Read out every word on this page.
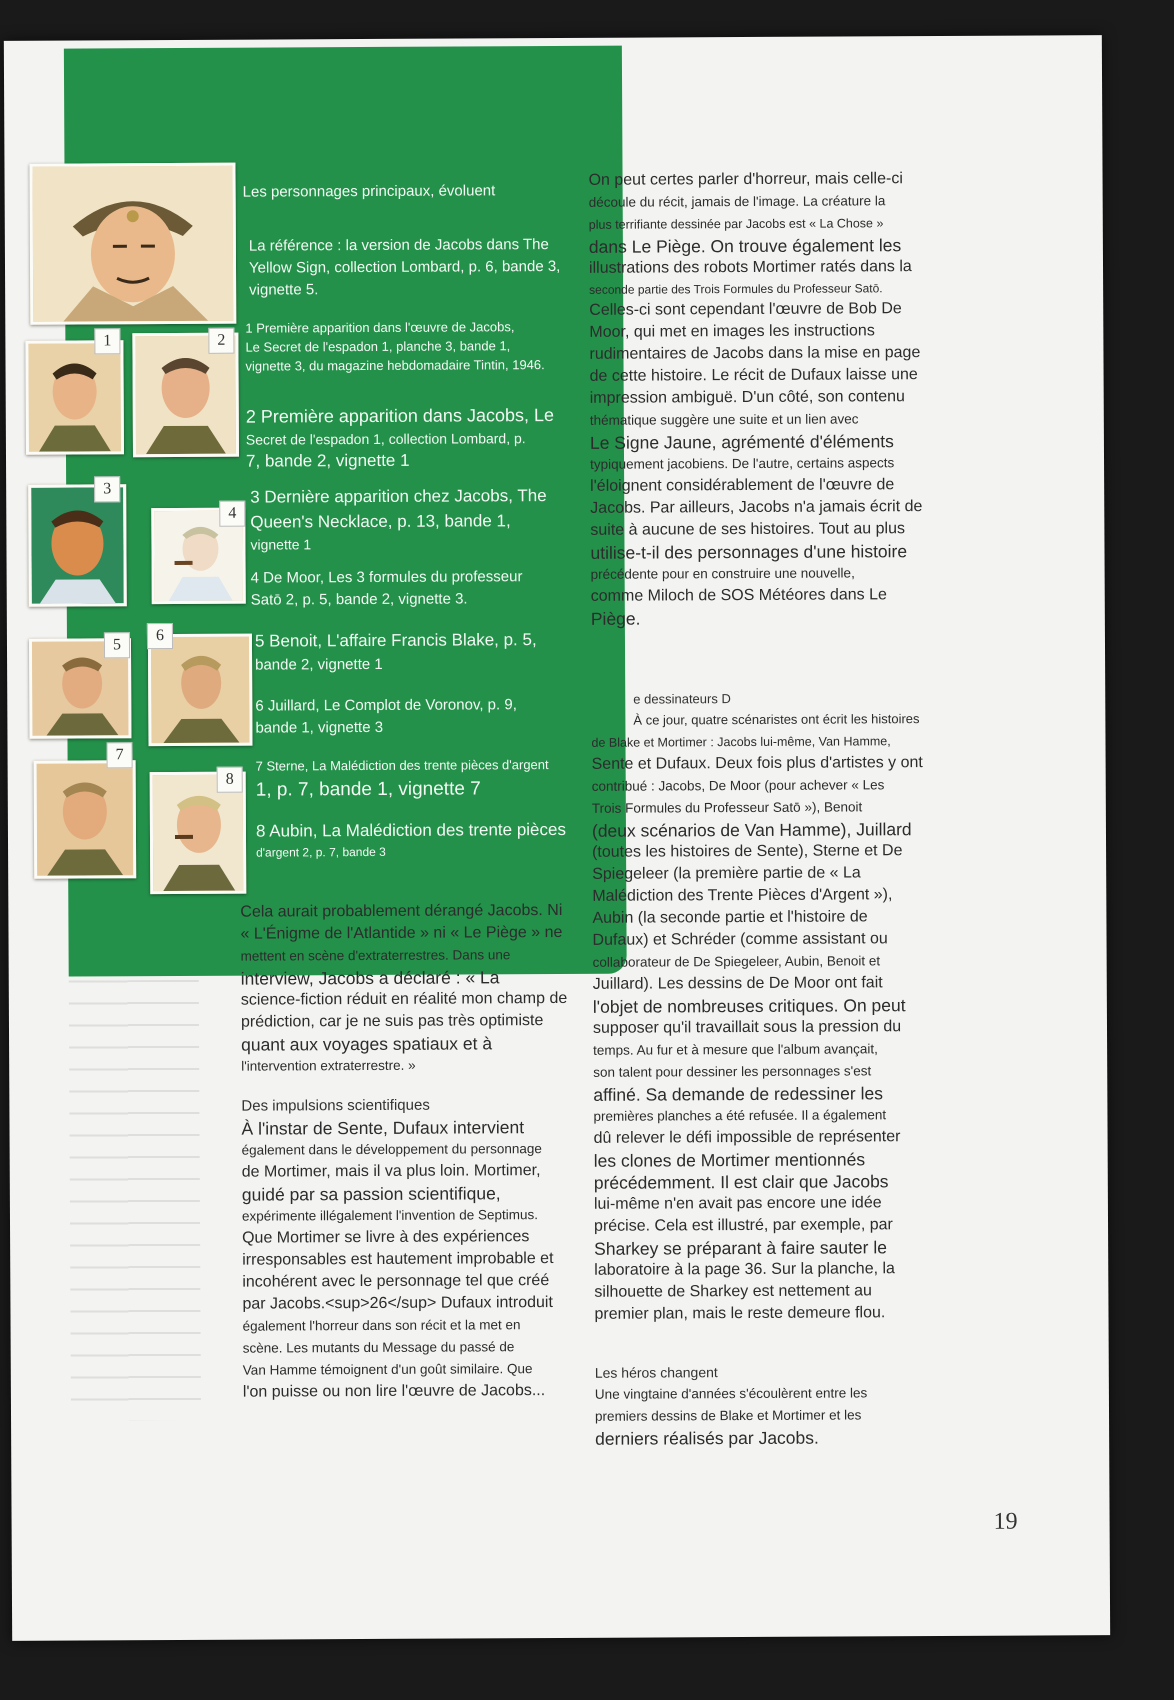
1	2
3
4
5
6
7
8
Les personnages principaux, évoluent
La référence : la version de Jacobs dans The
Yellow Sign, collection Lombard, p. 6, bande 3,
vignette 5.
1 Première apparition dans l'œuvre de Jacobs,
Le Secret de l'espadon 1, planche 3, bande 1,
vignette 3, du magazine hebdomadaire Tintin, 1946.
2 Première apparition dans Jacobs, Le
Secret de l'espadon 1, collection Lombard, p.
7, bande 2, vignette 1
3 Dernière apparition chez Jacobs, The
Queen's Necklace, p. 13, bande 1,
vignette 1
4 De Moor, Les 3 formules du professeur
Satō 2, p. 5, bande 2, vignette 3.
5 Benoit, L'affaire Francis Blake, p. 5,
bande 2, vignette 1
6 Juillard, Le Complot de Voronov, p. 9,
bande 1, vignette 3
7 Sterne, La Malédiction des trente pièces d'argent
1, p. 7, bande 1, vignette 7
8 Aubin, La Malédiction des trente pièces
d'argent 2, p. 7, bande 3
Cela aurait probablement dérangé Jacobs. Ni
« L'Énigme de l'Atlantide » ni « Le Piège » ne
mettent en scène d'extraterrestres. Dans une
interview, Jacobs a déclaré : « La
science-fiction réduit en réalité mon champ de
prédiction, car je ne suis pas très optimiste
quant aux voyages spatiaux et à
l'intervention extraterrestre. »
Des impulsions scientifiques
À l'instar de Sente, Dufaux intervient
également dans le développement du personnage
de Mortimer, mais il va plus loin. Mortimer,
guidé par sa passion scientifique,
expérimente illégalement l'invention de Septimus.
Que Mortimer se livre à des expériences
irresponsables est hautement improbable et
incohérent avec le personnage tel que créé
par Jacobs.<sup>26</sup> Dufaux introduit
également l'horreur dans son récit et la met en
scène. Les mutants du Message du passé de
Van Hamme témoignent d'un goût similaire. Que
l'on puisse ou non lire l'œuvre de Jacobs...
On peut certes parler d'horreur, mais celle-ci
découle du récit, jamais de l'image. La créature la
plus terrifiante dessinée par Jacobs est « La Chose »
dans Le Piège. On trouve également les
illustrations des robots Mortimer ratés dans la
seconde partie des Trois Formules du Professeur Satō.
Celles-ci sont cependant l'œuvre de Bob De
Moor, qui met en images les instructions
rudimentaires de Jacobs dans la mise en page
de cette histoire. Le récit de Dufaux laisse une
impression ambiguë. D'un côté, son contenu
thématique suggère une suite et un lien avec
Le Signe Jaune, agrémenté d'éléments
typiquement jacobiens. De l'autre, certains aspects
l'éloignent considérablement de l'œuvre de
Jacobs. Par ailleurs, Jacobs n'a jamais écrit de
suite à aucune de ses histoires. Tout au plus
utilise-t-il des personnages d'une histoire
précédente pour en construire une nouvelle,
comme Miloch de SOS Météores dans Le
Piège.
e dessinateurs D
À ce jour, quatre scénaristes ont écrit les histoires
de Blake et Mortimer : Jacobs lui-même, Van Hamme,
Sente et Dufaux. Deux fois plus d'artistes y ont
contribué : Jacobs, De Moor (pour achever « Les
Trois Formules du Professeur Satō »), Benoit
(deux scénarios de Van Hamme), Juillard
(toutes les histoires de Sente), Sterne et De
Spiegeleer (la première partie de « La
Malédiction des Trente Pièces d'Argent »),
Aubin (la seconde partie et l'histoire de
Dufaux) et Schréder (comme assistant ou
collaborateur de De Spiegeleer, Aubin, Benoit et
Juillard). Les dessins de De Moor ont fait
l'objet de nombreuses critiques. On peut
supposer qu'il travaillait sous la pression du
temps. Au fur et à mesure que l'album avançait,
son talent pour dessiner les personnages s'est
affiné. Sa demande de redessiner les
premières planches a été refusée. Il a également
dû relever le défi impossible de représenter
les clones de Mortimer mentionnés
précédemment. Il est clair que Jacobs
lui-même n'en avait pas encore une idée
précise. Cela est illustré, par exemple, par
Sharkey se préparant à faire sauter le
laboratoire à la page 36. Sur la planche, la
silhouette de Sharkey est nettement au
premier plan, mais le reste demeure flou.
Les héros changent
Une vingtaine d'années s'écoulèrent entre les
premiers dessins de Blake et Mortimer et les
derniers réalisés par Jacobs.
19
